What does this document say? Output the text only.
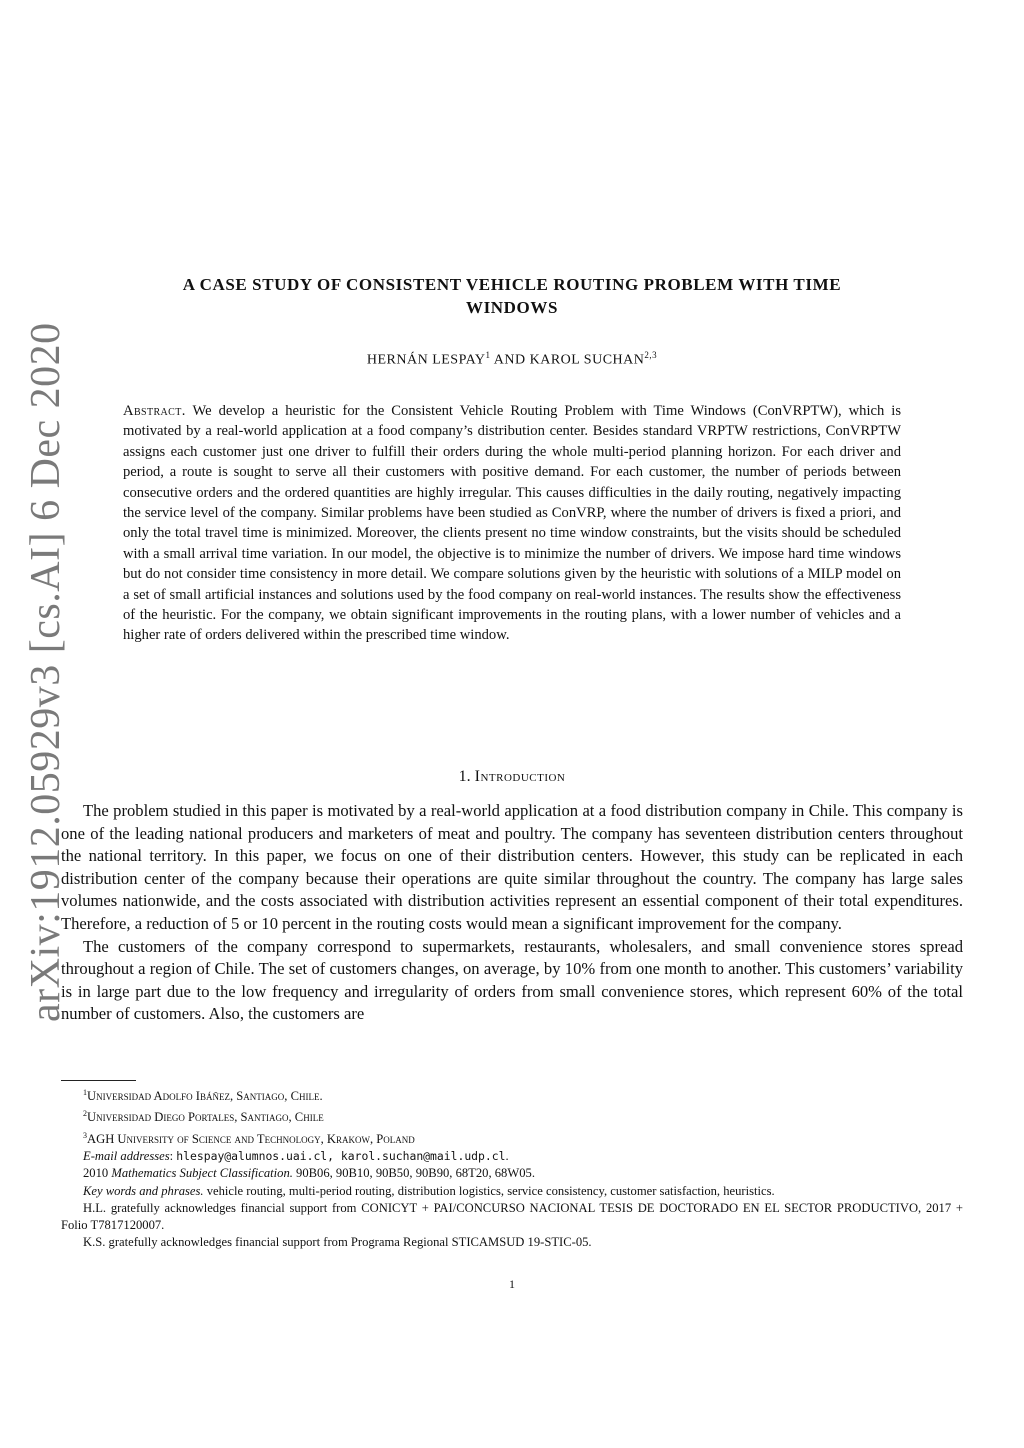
arXiv:1912.05929v3 [cs.AI] 6 Dec 2020
A CASE STUDY OF CONSISTENT VEHICLE ROUTING PROBLEM WITH TIME
WINDOWS
HERNÁN LESPAY$^1$ AND KAROL SUCHAN$^{2,3}$
Abstract. We develop a heuristic for the Consistent Vehicle Routing Problem with Time Windows (ConVRPTW), which is motivated by a real-world application at a food company’s distribution center. Besides standard VRPTW restrictions, ConVRPTW assigns each customer just one driver to fulfill their orders during the whole multi-period planning horizon. For each driver and period, a route is sought to serve all their customers with positive demand. For each customer, the number of periods between consecutive orders and the ordered quantities are highly irregular. This causes difficulties in the daily routing, negatively impacting the service level of the company. Similar problems have been studied as ConVRP, where the number of drivers is fixed a priori, and only the total travel time is minimized. Moreover, the clients present no time window constraints, but the visits should be scheduled with a small arrival time variation. In our model, the objective is to minimize the number of drivers. We impose hard time windows but do not consider time consistency in more detail. We compare solutions given by the heuristic with solutions of a MILP model on a set of small artificial instances and solutions used by the food company on real-world instances. The results show the effectiveness of the heuristic. For the company, we obtain significant improvements in the routing plans, with a lower number of vehicles and a higher rate of orders delivered within the prescribed time window.
1. Introduction

The problem studied in this paper is motivated by a real-world application at a food distribution company in Chile. This company is one of the leading national producers and marketers of meat and poultry. The company has seventeen distribution centers throughout the national territory. In this paper, we focus on one of their distribution centers. However, this study can be replicated in each distribution center of the company because their operations are quite similar throughout the country. The company has large sales volumes nationwide, and the costs associated with distribution activities represent an essential component of their total expenditures. Therefore, a reduction of 5 or 10 percent in the routing costs would mean a significant improvement for the company.

The customers of the company correspond to supermarkets, restaurants, wholesalers, and small convenience stores spread throughout a region of Chile. The set of customers changes, on average, by 10% from one month to another. This customers’ variability is in large part due to the low frequency and irregularity of orders from small convenience stores, which represent 60% of the total number of customers. Also, the customers are

$^1$Universidad Adolfo Ibáñez, Santiago, Chile.

$^2$Universidad Diego Portales, Santiago, Chile

$^3$AGH University of Science and Technology, Krakow, Poland

E-mail addresses: hlespay@alumnos.uai.cl, karol.suchan@mail.udp.cl.

2010 Mathematics Subject Classification. 90B06, 90B10, 90B50, 90B90, 68T20, 68W05.

Key words and phrases. vehicle routing, multi-period routing, distribution logistics, service consistency, customer satisfaction, heuristics.

H.L. gratefully acknowledges financial support from CONICYT + PAI/CONCURSO NACIONAL TESIS DE DOCTORADO EN EL SECTOR PRODUCTIVO, 2017 + Folio T7817120007.

K.S. gratefully acknowledges financial support from Programa Regional STICAMSUD 19-STIC-05.

1
